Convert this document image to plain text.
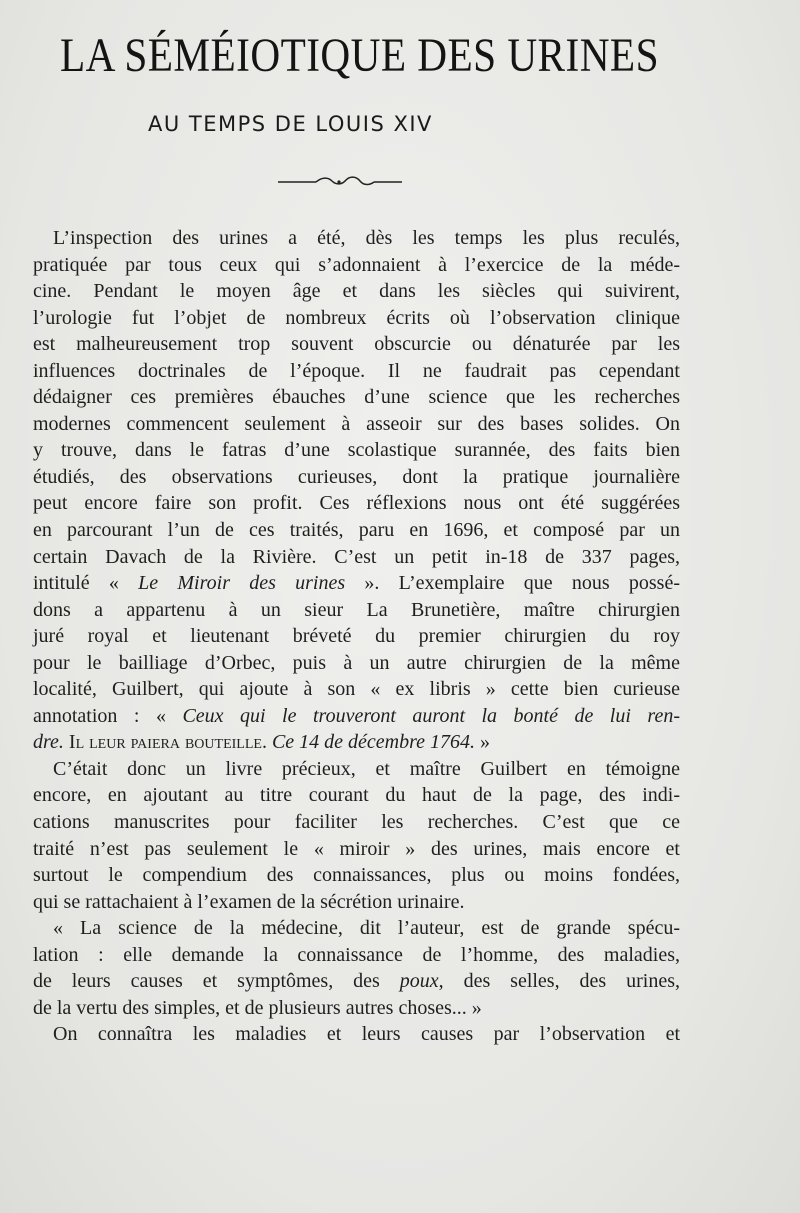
LA SÉMÉIOTIQUE DES URINES
AU TEMPS DE LOUIS XIV

L’inspection des urines a été, dès les temps les plus reculés,
pratiquée par tous ceux qui s’adonnaient à l’exercice de la méde-
cine. Pendant le moyen âge et dans les siècles qui suivirent,
l’urologie fut l’objet de nombreux écrits où l’observation clinique
est malheureusement trop souvent obscurcie ou dénaturée par les
influences doctrinales de l’époque. Il ne faudrait pas cependant
dédaigner ces premières ébauches d’une science que les recherches
modernes commencent seulement à asseoir sur des bases solides. On
y trouve, dans le fatras d’une scolastique surannée, des faits bien
étudiés, des observations curieuses, dont la pratique journalière
peut encore faire son profit. Ces réflexions nous ont été suggérées
en parcourant l’un de ces traités, paru en 1696, et composé par un
certain Davach de la Rivière. C’est un petit in-18 de 337 pages,
intitulé « Le Miroir des urines ». L’exemplaire que nous possé-
dons a appartenu à un sieur La Brunetière, maître chirurgien
juré royal et lieutenant bréveté du premier chirurgien du roy
pour le bailliage d’Orbec, puis à un autre chirurgien de la même
localité, Guilbert, qui ajoute à son « ex libris » cette bien curieuse
annotation : « Ceux qui le trouveront auront la bonté de lui ren-
dre. Il leur paiera bouteille. Ce 14 de décembre 1764. »

C’était donc un livre précieux, et maître Guilbert en témoigne
encore, en ajoutant au titre courant du haut de la page, des indi-
cations manuscrites pour faciliter les recherches. C’est que ce
traité n’est pas seulement le « miroir » des urines, mais encore et
surtout le compendium des connaissances, plus ou moins fondées,
qui se rattachaient à l’examen de la sécrétion urinaire.

« La science de la médecine, dit l’auteur, est de grande spécu-
lation : elle demande la connaissance de l’homme, des maladies,
de leurs causes et symptômes, des poux, des selles, des urines,
de la vertu des simples, et de plusieurs autres choses... »

On connaîtra les maladies et leurs causes par l’observation et
